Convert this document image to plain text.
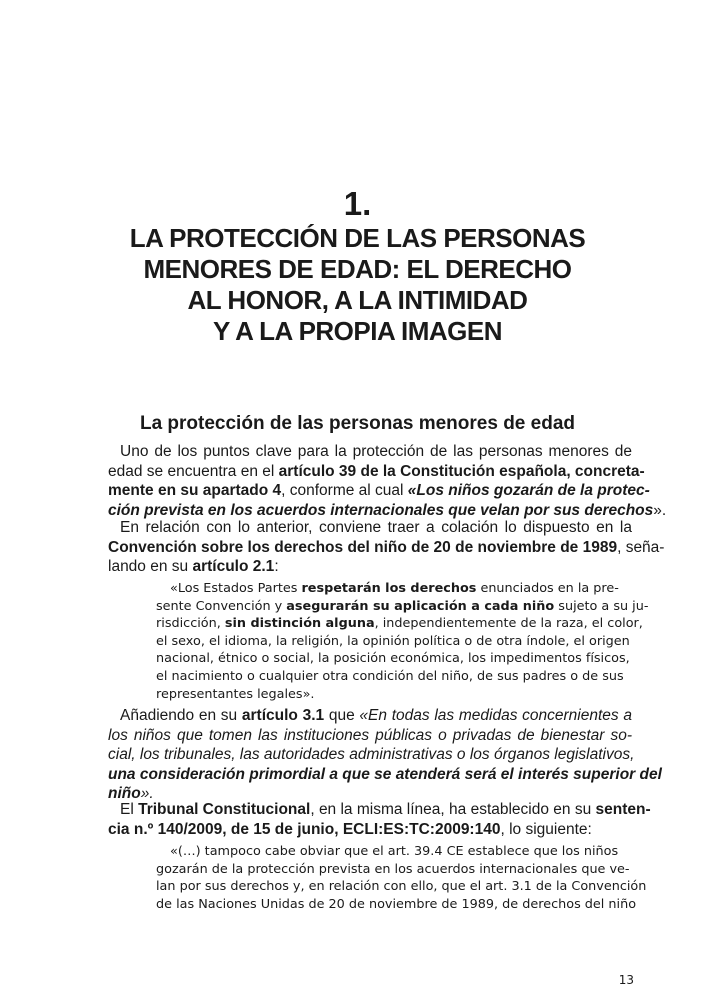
1.
LA PROTECCIÓN DE LAS PERSONAS
MENORES DE EDAD: EL DERECHO
AL HONOR, A LA INTIMIDAD
Y A LA PROPIA IMAGEN
La protección de las personas menores de edad
Uno de los puntos clave para la protección de las personas menores de
edad se encuentra en el artículo 39 de la Constitución española, concreta-
mente en su apartado 4, conforme al cual «Los niños gozarán de la protec-
ción prevista en los acuerdos internacionales que velan por sus derechos».
En relación con lo anterior, conviene traer a colación lo dispuesto en la
Convención sobre los derechos del niño de 20 de noviembre de 1989, seña-
lando en su artículo 2.1:
«Los Estados Partes respetarán los derechos enunciados en la pre-
sente Convención y asegurarán su aplicación a cada niño sujeto a su ju-
risdicción, sin distinción alguna, independientemente de la raza, el color,
el sexo, el idioma, la religión, la opinión política o de otra índole, el origen
nacional, étnico o social, la posición económica, los impedimentos físicos,
el nacimiento o cualquier otra condición del niño, de sus padres o de sus
representantes legales».
Añadiendo en su artículo 3.1 que «En todas las medidas concernientes a
los niños que tomen las instituciones públicas o privadas de bienestar so-
cial, los tribunales, las autoridades administrativas o los órganos legislativos,
una consideración primordial a que se atenderá será el interés superior del
niño».
El Tribunal Constitucional, en la misma línea, ha establecido en su senten-
cia n.º 140/2009, de 15 de junio, ECLI:ES:TC:2009:140, lo siguiente:
«(…) tampoco cabe obviar que el art. 39.4 CE establece que los niños
gozarán de la protección prevista en los acuerdos internacionales que ve-
lan por sus derechos y, en relación con ello, que el art. 3.1 de la Convención
de las Naciones Unidas de 20 de noviembre de 1989, de derechos del niño
13
